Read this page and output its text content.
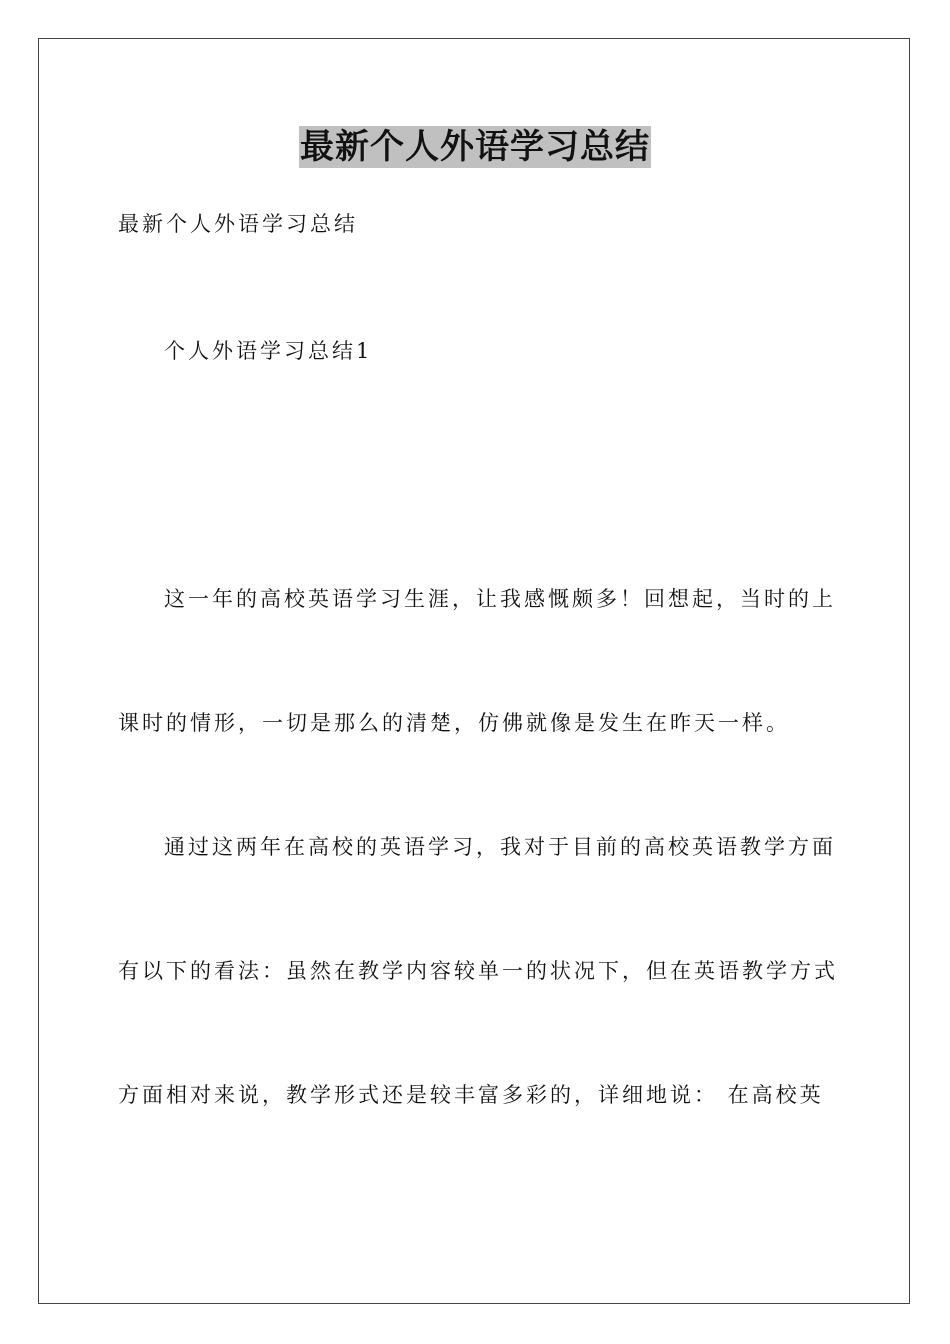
最新个人外语学习总结
最新个人外语学习总结
个人外语学习总结1
这一年的高校英语学习生涯，让我感慨颇多！回想起，当时的上
课时的情形，一切是那么的清楚，仿佛就像是发生在昨天一样。
通过这两年在高校的英语学习，我对于目前的高校英语教学方面
有以下的看法：虽然在教学内容较单一的状况下，但在英语教学方式
方面相对来说，教学形式还是较丰富多彩的，详细地说： 在高校英
